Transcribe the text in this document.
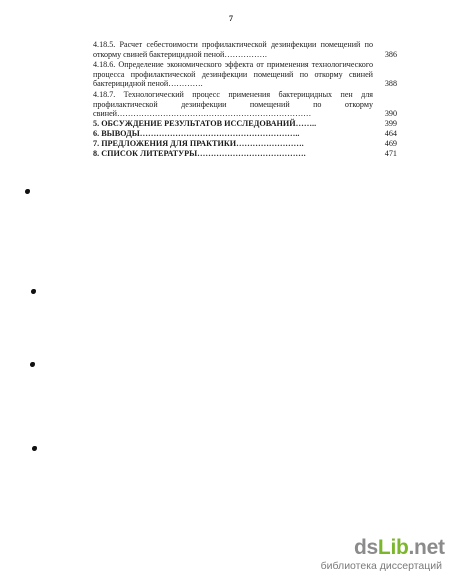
7
4.18.5. Расчет себестоимости профилактической дезинфекции помещений по откорму свиней бактерицидной пеной…………….	386
4.18.6. Определение экономического эффекта от применения технологического процесса профилактической дезинфекции помещений по откорму свиней бактерицидной пеной………….	388
4.18.7. Технологический процесс применения бактерицидных пен для профилактической дезинфекции помещений по откорму свиней………………………………………………………………	390
5. ОБСУЖДЕНИЕ РЕЗУЛЬТАТОВ ИССЛЕДОВАНИЙ……..	399
6. ВЫВОДЫ…………………………………………………..	464
7. ПРЕДЛОЖЕНИЯ ДЛЯ ПРАКТИКИ…………………….	469
8. СПИСОК ЛИТЕРАТУРЫ………………………………….	471
dsLib.net
библиотека диссертаций
